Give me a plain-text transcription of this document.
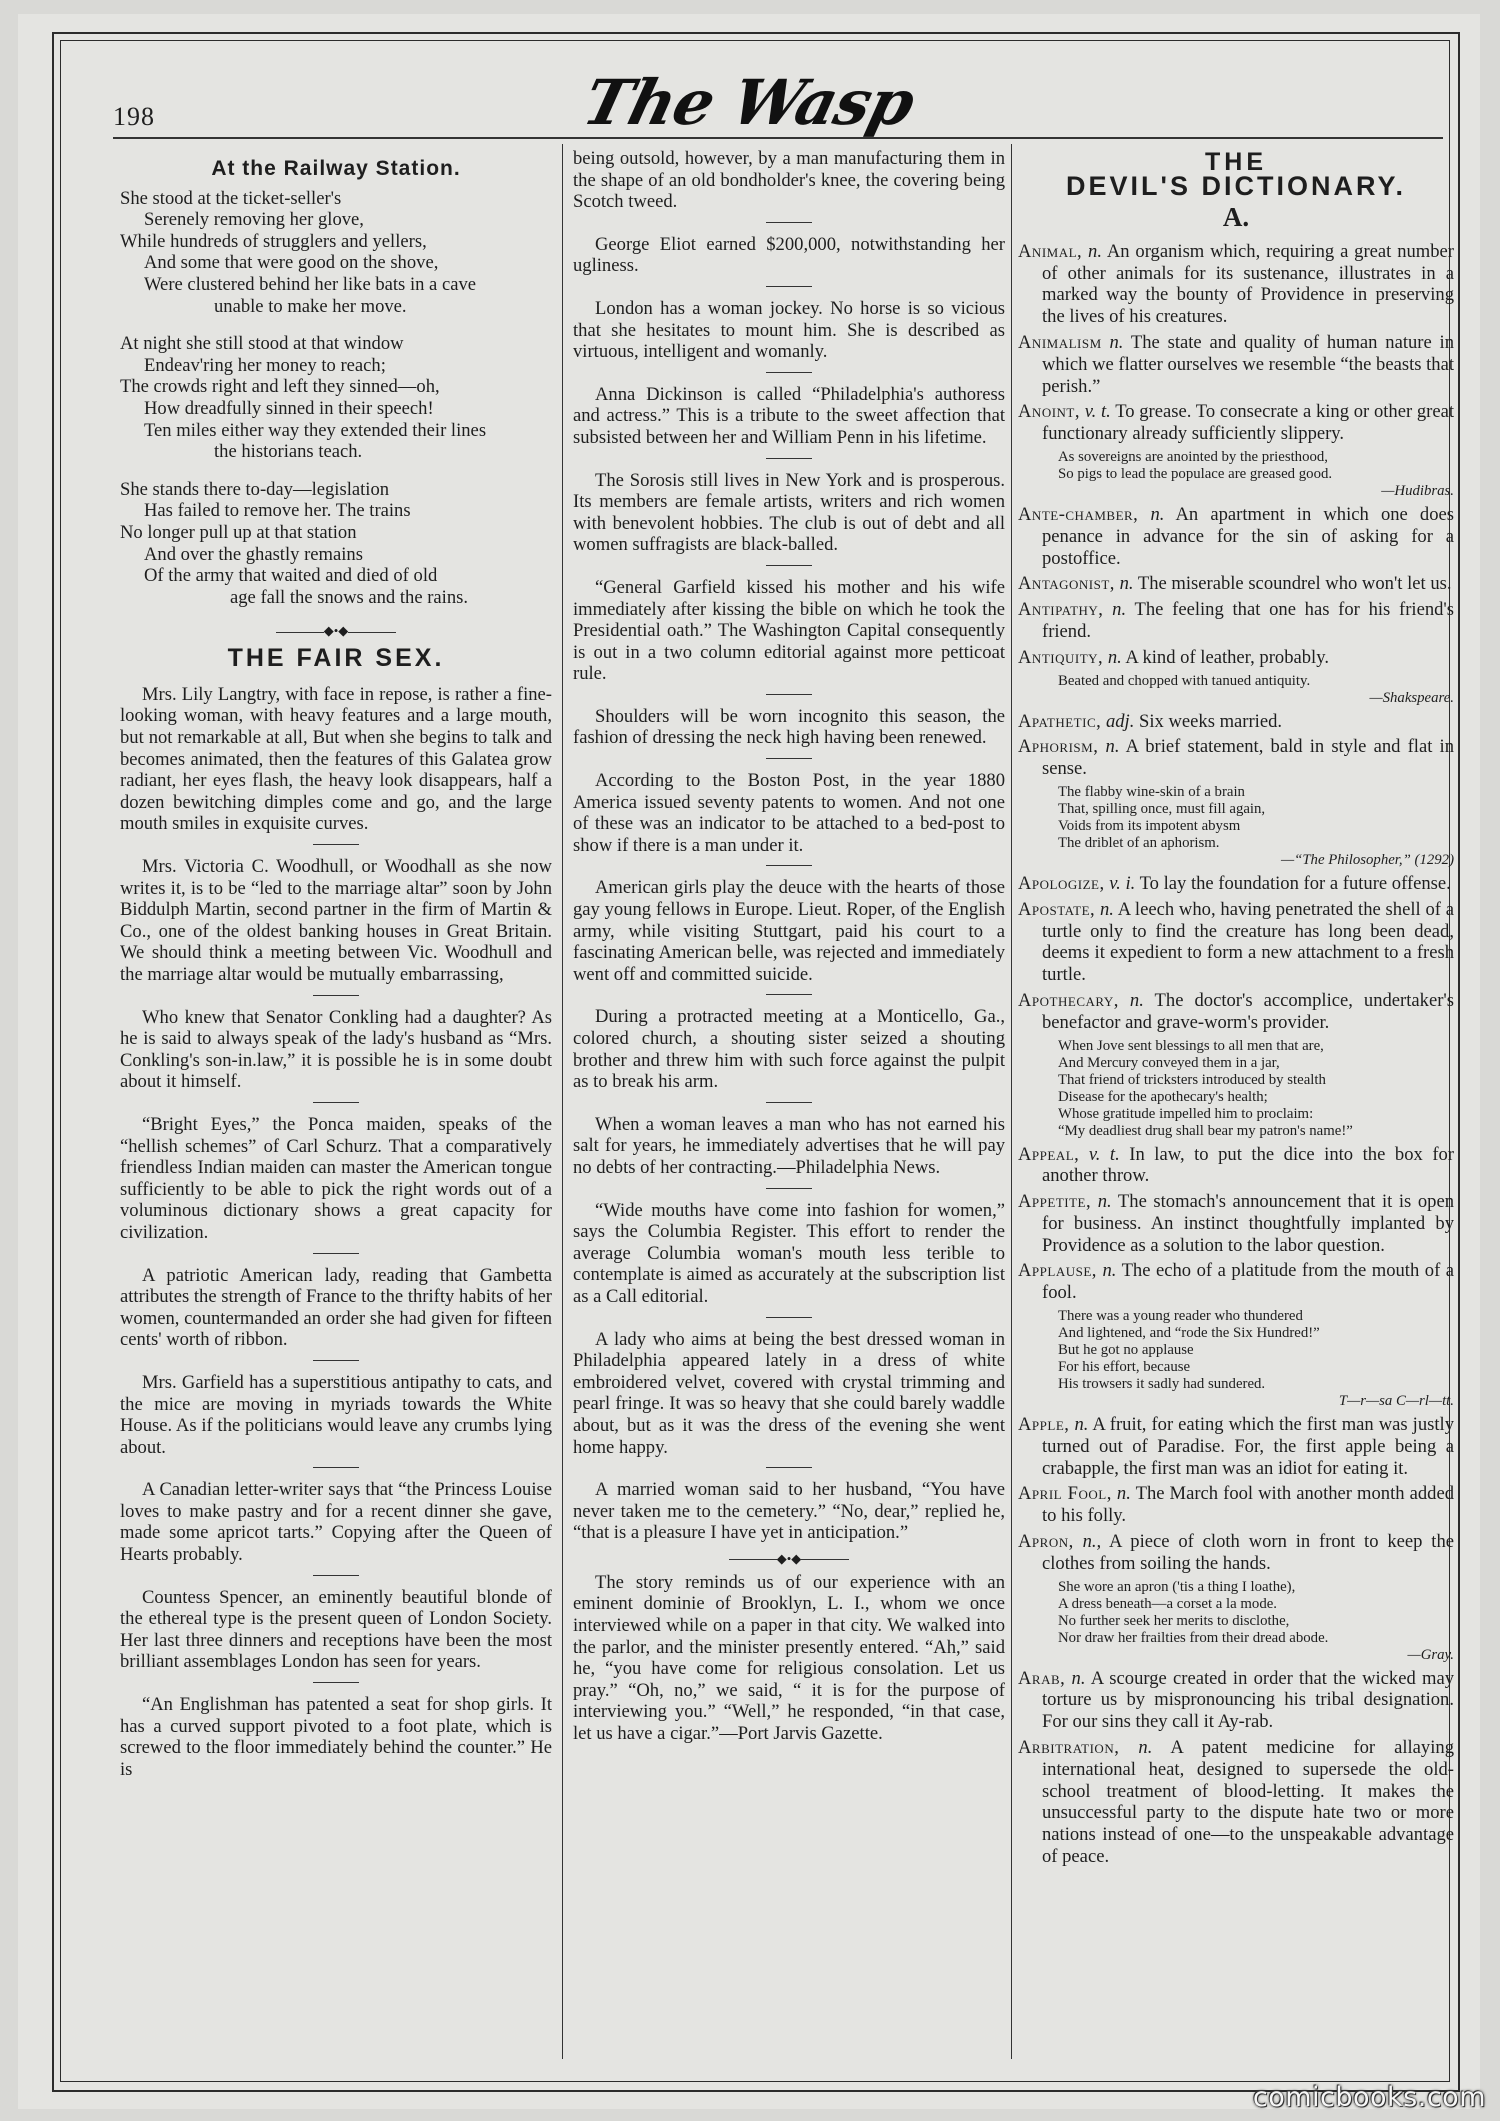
198	The Wasp
At the Railway Station.
She stood at the ticket-seller's
Serenely removing her glove,
While hundreds of strugglers and yellers,
And some that were good on the shove,
Were clustered behind her like bats in a cave
unable to make her move.
At night she still stood at that window
Endeav'ring her money to reach;
The crowds right and left they sinned—oh,
How dreadfully sinned in their speech!
Ten miles either way they extended their lines
the historians teach.
She stands there to-day—legislation
Has failed to remove her. The trains
No longer pull up at that station
And over the ghastly remains
Of the army that waited and died of old
age fall the snows and the rains.
◆•◆
THE FAIR SEX.

Mrs. Lily Langtry, with face in repose, is rather a fine-looking woman, with heavy features and a large mouth, but not remarkable at all, But when she begins to talk and becomes animated, then the features of this Galatea grow radiant, her eyes flash, the heavy look disappears, half a dozen bewitching dimples come and go, and the large mouth smiles in exquisite curves.

Mrs. Victoria C. Woodhull, or Woodhall as she now writes it, is to be “led to the marriage altar” soon by John Biddulph Martin, second partner in the firm of Martin & Co., one of the oldest banking houses in Great Britain. We should think a meeting between Vic. Woodhull and the marriage altar would be mutually embarrassing,

Who knew that Senator Conkling had a daughter? As he is said to always speak of the lady's husband as “Mrs. Conkling's son-in.law,” it is possible he is in some doubt about it himself.

“Bright Eyes,” the Ponca maiden, speaks of the “hellish schemes” of Carl Schurz. That a comparatively friendless Indian maiden can master the American tongue sufficiently to be able to pick the right words out of a voluminous dictionary shows a great capacity for civilization.

A patriotic American lady, reading that Gambetta attributes the strength of France to the thrifty habits of her women, countermanded an order she had given for fifteen cents' worth of ribbon.

Mrs. Garfield has a superstitious antipathy to cats, and the mice are moving in myriads towards the White House. As if the politicians would leave any crumbs lying about.

A Canadian letter-writer says that “the Princess Louise loves to make pastry and for a recent dinner she gave, made some apricot tarts.” Copying after the Queen of Hearts probably.

Countess Spencer, an eminently beautiful blonde of the ethereal type is the present queen of London Society. Her last three dinners and receptions have been the most brilliant assemblages London has seen for years.

“An Englishman has patented a seat for shop girls. It has a curved support pivoted to a foot plate, which is screwed to the floor immediately behind the counter.” He is

being outsold, however, by a man manufacturing them in the shape of an old bondholder's knee, the covering being Scotch tweed.

George Eliot earned $200,000, notwithstanding her ugliness.

London has a woman jockey. No horse is so vicious that she hesitates to mount him. She is described as virtuous, intelligent and womanly.

Anna Dickinson is called “Philadelphia's authoress and actress.” This is a tribute to the sweet affection that subsisted between her and William Penn in his lifetime.

The Sorosis still lives in New York and is prosperous. Its members are female artists, writers and rich women with benevolent hobbies. The club is out of debt and all women suffragists are black-balled.

“General Garfield kissed his mother and his wife immediately after kissing the bible on which he took the Presidential oath.” The Washington Capital consequently is out in a two column editorial against more petticoat rule.

Shoulders will be worn incognito this season, the fashion of dressing the neck high having been renewed.

According to the Boston Post, in the year 1880 America issued seventy patents to women. And not one of these was an indicator to be attached to a bed-post to show if there is a man under it.

American girls play the deuce with the hearts of those gay young fellows in Europe. Lieut. Roper, of the English army, while visiting Stuttgart, paid his court to a fascinating American belle, was rejected and immediately went off and committed suicide.

During a protracted meeting at a Monticello, Ga., colored church, a shouting sister seized a shouting brother and threw him with such force against the pulpit as to break his arm.

When a woman leaves a man who has not earned his salt for years, he immediately advertises that he will pay no debts of her contracting.—Philadelphia News.

“Wide mouths have come into fashion for women,” says the Columbia Register. This effort to render the average Columbia woman's mouth less terible to contemplate is aimed as accurately at the subscription list as a Call editorial.

A lady who aims at being the best dressed woman in Philadelphia appeared lately in a dress of white embroidered velvet, covered with crystal trimming and pearl fringe. It was so heavy that she could barely waddle about, but as it was the dress of the evening she went home happy.

A married woman said to her husband, “You have never taken me to the cemetery.” “No, dear,” replied he, “that is a pleasure I have yet in anticipation.”

◆•◆

The story reminds us of our experience with an eminent dominie of Brooklyn, L. I., whom we once interviewed while on a paper in that city. We walked into the parlor, and the minister presently entered. “Ah,” said he, “you have come for religious consolation. Let us pray.” “Oh, no,” we said, “ it is for the purpose of interviewing you.” “Well,” he responded, “in that case, let us have a cigar.”—Port Jarvis Gazette.

THE
DEVIL'S DICTIONARY.
A.

Animal, n. An organism which, requiring a great number of other animals for its sustenance, illustrates in a marked way the bounty of Providence in preserving the lives of his creatures.

Animalism n. The state and quality of human nature in which we flatter ourselves we resemble “the beasts that perish.”

Anoint, v. t. To grease. To consecrate a king or other great functionary already sufficiently slippery.

As sovereigns are anointed by the priesthood,
So pigs to lead the populace are greased good.
—Hudibras.

Ante-chamber, n. An apartment in which one does penance in advance for the sin of asking for a postoffice.

Antagonist, n. The miserable scoundrel who won't let us.

Antipathy, n. The feeling that one has for his friend's friend.

Antiquity, n. A kind of leather, probably.

Beated and chopped with tanued antiquity.
—Shakspeare.

Apathetic, adj. Six weeks married.

Aphorism, n. A brief statement, bald in style and flat in sense.

The flabby wine-skin of a brain
That, spilling once, must fill again,
Voids from its impotent abysm
The driblet of an aphorism.
—“The Philosopher,” (1292)

Apologize, v. i. To lay the foundation for a future offense.

Apostate, n. A leech who, having penetrated the shell of a turtle only to find the creature has long been dead, deems it expedient to form a new attachment to a fresh turtle.

Apothecary, n. The doctor's accomplice, undertaker's benefactor and grave-worm's provider.

When Jove sent blessings to all men that are,
And Mercury conveyed them in a jar,
That friend of tricksters introduced by stealth
Disease for the apothecary's health;
Whose gratitude impelled him to proclaim:
“My deadliest drug shall bear my patron's name!”

Appeal, v. t. In law, to put the dice into the box for another throw.

Appetite, n. The stomach's announcement that it is open for business. An instinct thoughtfully implanted by Providence as a solution to the labor question.

Applause, n. The echo of a platitude from the mouth of a fool.

There was a young reader who thundered
And lightened, and “rode the Six Hundred!”
But he got no applause
For his effort, because
His trowsers it sadly had sundered.
T—r—sa C—rl—tt.

Apple, n. A fruit, for eating which the first man was justly turned out of Paradise. For, the first apple being a crabapple, the first man was an idiot for eating it.

April Fool, n. The March fool with another month added to his folly.

Apron, n., A piece of cloth worn in front to keep the clothes from soiling the hands.

She wore an apron ('tis a thing I loathe),
A dress beneath—a corset a la mode.
No further seek her merits to disclothe,
Nor draw her frailties from their dread abode.
—Gray.

Arab, n. A scourge created in order that the wicked may torture us by mispronouncing his tribal designation. For our sins they call it Ay-rab.

Arbitration, n. A patent medicine for allaying international heat, designed to supersede the old-school treatment of blood-letting. It makes the unsuccessful party to the dispute hate two or more nations instead of one—to the unspeakable advantage of peace.

comicbooks.com
